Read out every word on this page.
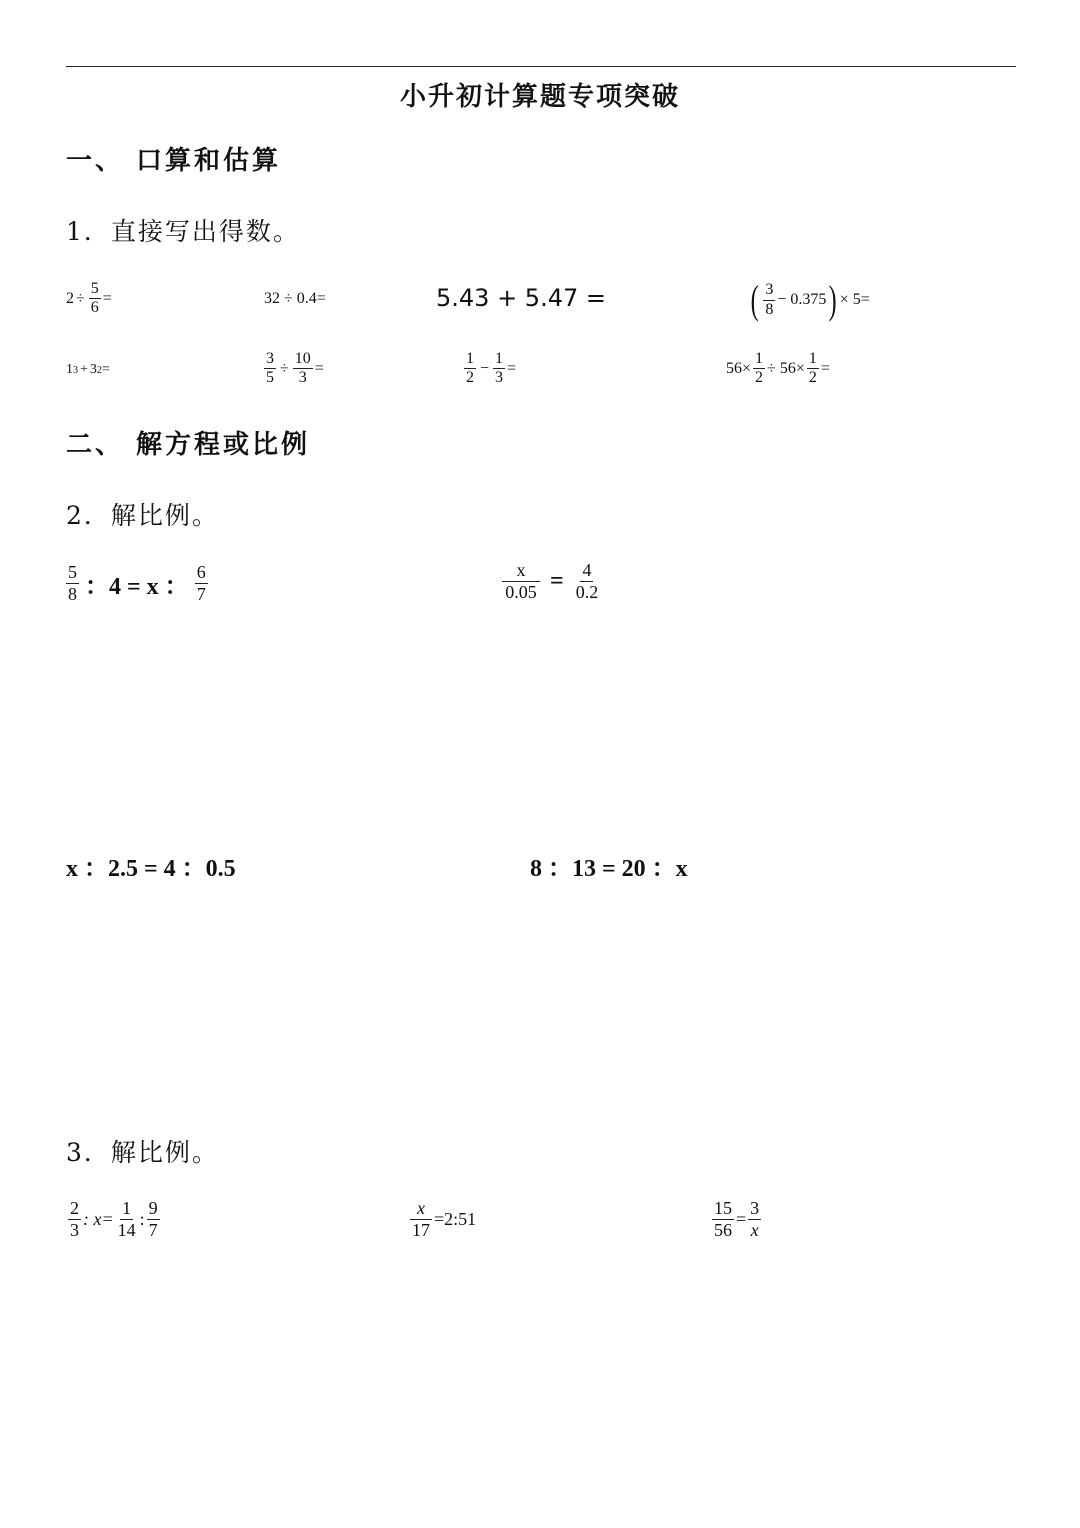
小升初计算题专项突破
一、 口算和估算
1．直接写出得数。
$2 \div \frac{5}{6}$ =	32 ÷ 0.4=	5.43 + 5.47 =	( $\frac{3}{8} - 0.375$ ) × 5=
1 3 + 3 2 =	$\frac{3}{5} \div \frac{10}{3}$ =	$\frac{1}{2} - \frac{1}{3}$ =	$56\times \frac{1}{2} \div 56\times \frac{1}{2}$ =
二、 解方程或比例
2．解比例。
$\frac{5}{8}$ ：4 = x ： $\frac{6}{7}$	$\frac{x}{0.05} = \frac{4}{0.2}$
x ：2.5 = 4 ：0.5	8 ：13 = 20 ：x
3．解比例。
$\frac{2}{3}$ : $x= \frac{1}{14}$ : $\frac{9}{7}$	$\frac{x}{17}$ =2:51	$\frac{15}{56} = \frac{3}{x}$
